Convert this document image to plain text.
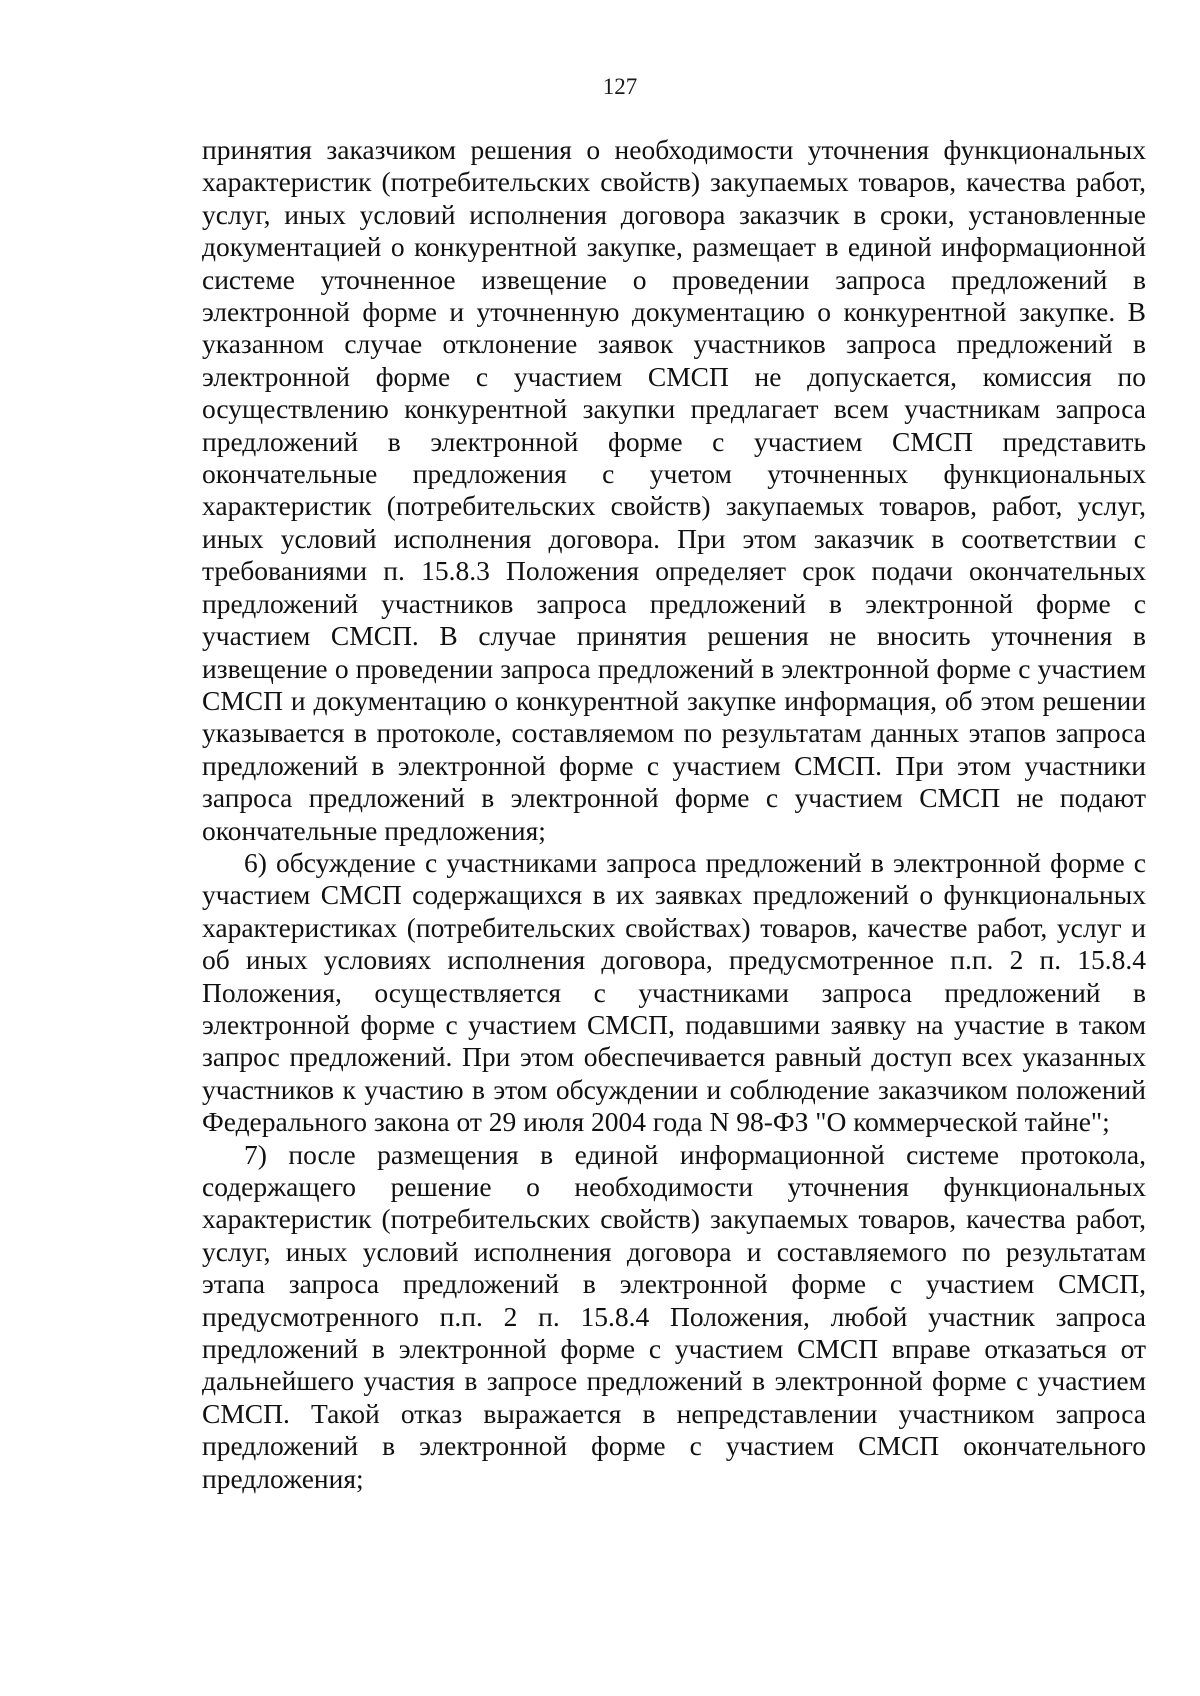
127

принятия заказчиком решения о необходимости уточнения функциональных характеристик (потребительских свойств) закупаемых товаров, качества работ, услуг, иных условий исполнения договора заказчик в сроки, установленные документацией о конкурентной закупке, размещает в единой информационной системе уточненное извещение о проведении запроса предложений в электронной форме и уточненную документацию о конкурентной закупке. В указанном случае отклонение заявок участников запроса предложений в электронной форме с участием СМСП не допускается, комиссия по осуществлению конкурентной закупки предлагает всем участникам запроса предложений в электронной форме с участием СМСП представить окончательные предложения с учетом уточненных функциональных характеристик (потребительских свойств) закупаемых товаров, работ, услуг, иных условий исполнения договора. При этом заказчик в соответствии с требованиями п. 15.8.3 Положения определяет срок подачи окончательных предложений участников запроса предложений в электронной форме с участием СМСП. В случае принятия решения не вносить уточнения в извещение о проведении запроса предложений в электронной форме с участием СМСП и документацию о конкурентной закупке информация, об этом решении указывается в протоколе, составляемом по результатам данных этапов запроса предложений в электронной форме с участием СМСП. При этом участники запроса предложений в электронной форме с участием СМСП не подают окончательные предложения;

6) обсуждение с участниками запроса предложений в электронной форме с участием СМСП содержащихся в их заявках предложений о функциональных характеристиках (потребительских свойствах) товаров, качестве работ, услуг и об иных условиях исполнения договора, предусмотренное п.п. 2 п. 15.8.4 Положения, осуществляется с участниками запроса предложений в электронной форме с участием СМСП, подавшими заявку на участие в таком запрос предложений. При этом обеспечивается равный доступ всех указанных участников к участию в этом обсуждении и соблюдение заказчиком положений Федерального закона от 29 июля 2004 года N 98-ФЗ "О коммерческой тайне";

7) после размещения в единой информационной системе протокола, содержащего решение о необходимости уточнения функциональных характеристик (потребительских свойств) закупаемых товаров, качества работ, услуг, иных условий исполнения договора и составляемого по результатам этапа запроса предложений в электронной форме с участием СМСП, предусмотренного п.п. 2 п. 15.8.4 Положения, любой участник запроса предложений в электронной форме с участием СМСП вправе отказаться от дальнейшего участия в запросе предложений в электронной форме с участием СМСП. Такой отказ выражается в непредставлении участником запроса предложений в электронной форме с участием СМСП окончательного предложения;
